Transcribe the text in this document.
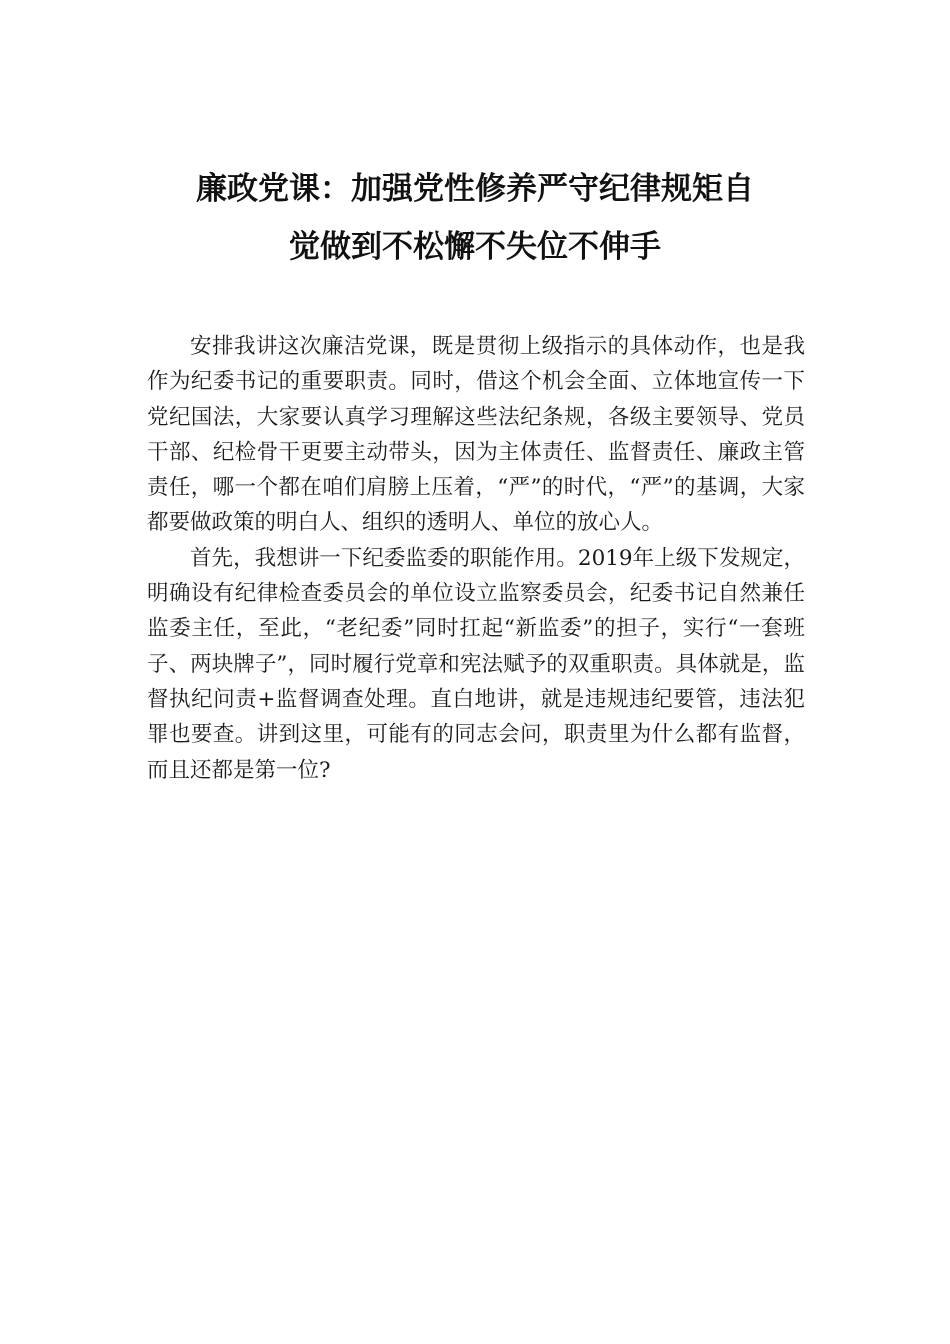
廉政党课：加强党性修养严守纪律规矩自
觉做到不松懈不失位不伸手

安排我讲这次廉洁党课，既是贯彻上级指示的具体动作，也是我作为纪委书记的重要职责。同时，借这个机会全面、立体地宣传一下党纪国法，大家要认真学习理解这些法纪条规，各级主要领导、党员干部、纪检骨干更要主动带头，因为主体责任、监督责任、廉政主管责任，哪一个都在咱们肩膀上压着，“严”的时代，“严”的基调，大家都要做政策的明白人、组织的透明人、单位的放心人。

首先，我想讲一下纪委监委的职能作用。2019年上级下发规定，明确设有纪律检查委员会的单位设立监察委员会，纪委书记自然兼任监委主任，至此，“老纪委”同时扛起“新监委”的担子，实行“一套班子、两块牌子”，同时履行党章和宪法赋予的双重职责。具体就是，监督执纪问责+监督调查处理。直白地讲，就是违规违纪要管，违法犯罪也要查。讲到这里，可能有的同志会问，职责里为什么都有监督，而且还都是第一位?
